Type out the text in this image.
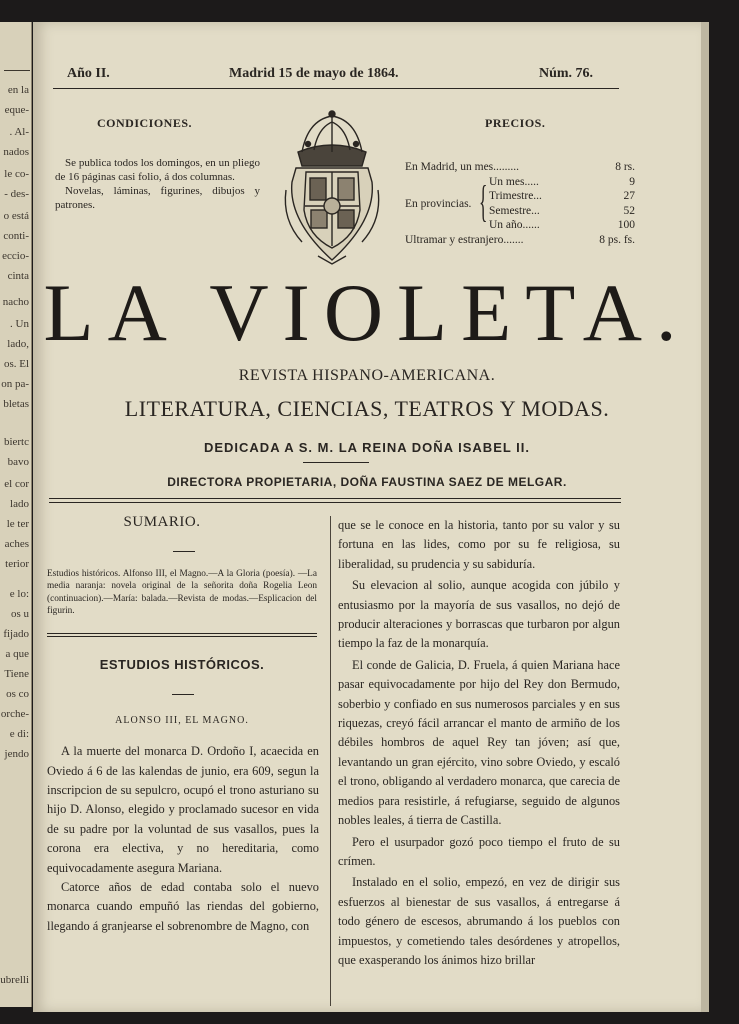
en la
eque-
. Al-
nados
le co-
- des-
o está
conti-
eccio-
cinta
nacho
. Un
lado,
os. El
on pa-
bletas
biertc
bavo
el cor
lado
le ter
aches
terior
e lo:
os u
fijado
a que
Tiene
os co
orche-
e di:
jendo
ubrelli
Año II.	Madrid 15 de mayo de 1864.	Núm. 76.
CONDICIONES.

Se publica todos los domingos, en un pliego de 16 páginas casi folio, á dos columnas.

Novelas, láminas, figurines, dibujos y patrones.

PRECIOS.
En Madrid, un mes.........	8 rs.
En provincias. { Un mes.....	9
Trimestre...	27
Semestre...	52
Un año......	100
Ultramar y estranjero.......	8 ps. fs.
LA VIOLETA.
REVISTA HISPANO-AMERICANA.
LITERATURA, CIENCIAS, TEATROS Y MODAS.
DEDICADA A S. M. LA REINA DOÑA ISABEL II.
DIRECTORA PROPIETARIA, DOÑA FAUSTINA SAEZ DE MELGAR.
SUMARIO.
Estudios históricos. Alfonso III, el Magno.—A la Gloria (poesía). —La media naranja: novela original de la señorita doña Rogelia Leon (continuacion).—María: balada.—Revista de modas.—Esplicacion del figurin.
ESTUDIOS HISTÓRICOS.
ALONSO III, EL MAGNO.

A la muerte del monarca D. Ordoño I, acaecida en Oviedo á 6 de las kalendas de junio, era 609, segun la inscripcion de su sepulcro, ocupó el trono asturiano su hijo D. Alonso, elegido y proclamado sucesor en vida de su padre por la voluntad de sus vasallos, pues la corona era electiva, y no hereditaria, como equivocadamente asegura Mariana.

Catorce años de edad contaba solo el nuevo monarca cuando empuñó las riendas del gobierno, llegando á granjearse el sobrenombre de Magno, con

que se le conoce en la historia, tanto por su valor y su fortuna en las lides, como por su fe religiosa, su liberalidad, su prudencia y su sabiduría.

Su elevacion al solio, aunque acogida con júbilo y entusiasmo por la mayoría de sus vasallos, no dejó de producir alteraciones y borrascas que turbaron por algun tiempo la faz de la monarquía.

El conde de Galicia, D. Fruela, á quien Mariana hace pasar equivocadamente por hijo del Rey don Bermudo, soberbio y confiado en sus numerosos parciales y en sus riquezas, creyó fácil arrancar el manto de armiño de los débiles hombros de aquel Rey tan jóven; así que, levantando un gran ejército, vino sobre Oviedo, y escaló el trono, obligando al verdadero monarca, que carecia de medios para resistirle, á refugiarse, seguido de algunos nobles leales, á tierra de Castilla.

Pero el usurpador gozó poco tiempo el fruto de su crímen.

Instalado en el solio, empezó, en vez de dirigir sus esfuerzos al bienestar de sus vasallos, á entregarse á todo género de escesos, abrumando á los pueblos con impuestos, y cometiendo tales desórdenes y atropellos, que exasperando los ánimos hizo brillar
